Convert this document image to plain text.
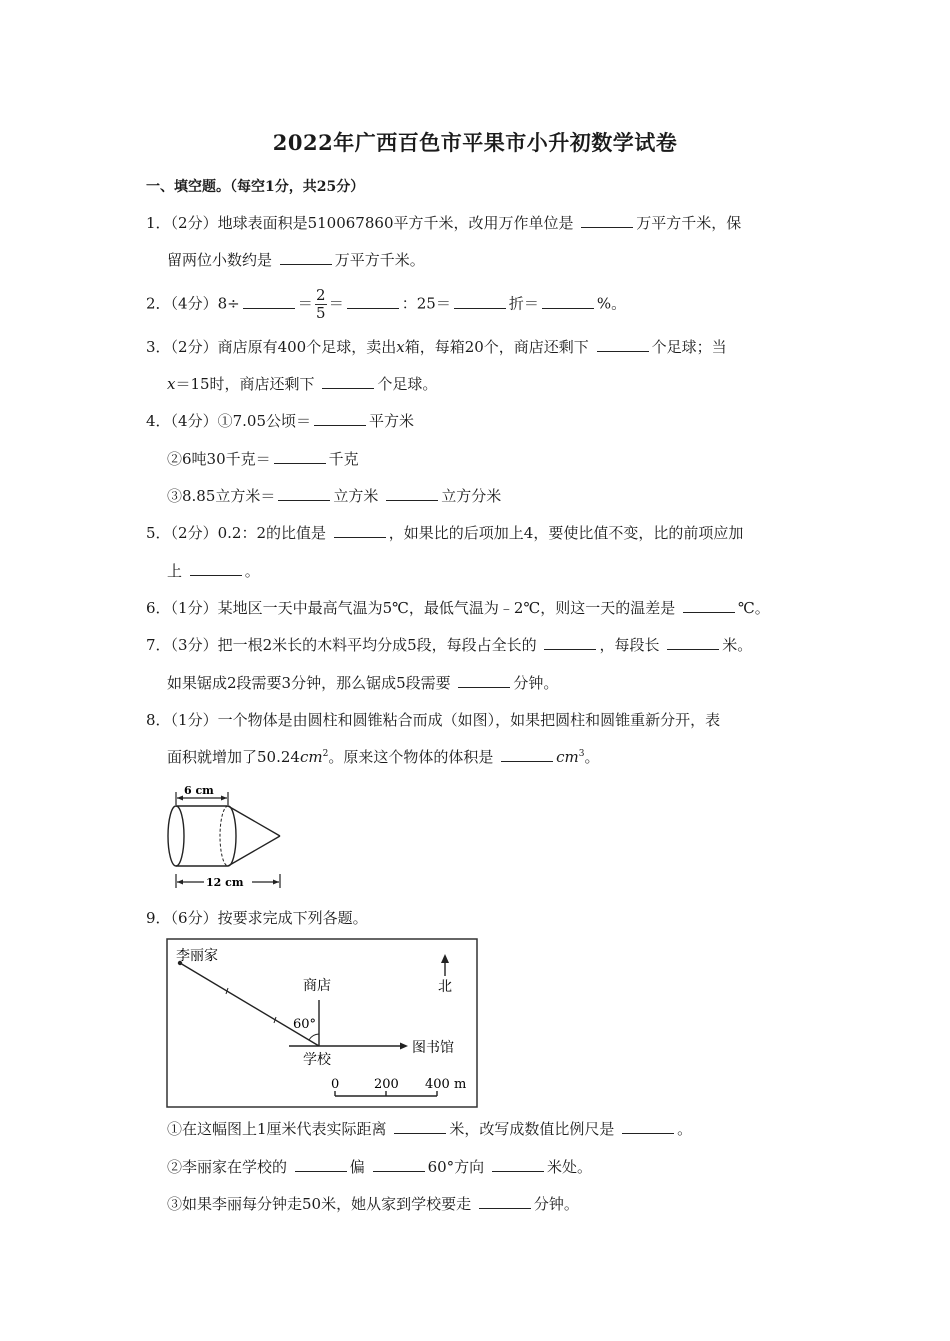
2022年广西百色市平果市小升初数学试卷
一、填空题。（每空1分，共25分）
1．（2分）地球表面积是510067860平方千米，改用万作单位是	万平方千米，保
留两位小数约是	万平方千米。
2．（4分）8÷	＝ $\frac{2}{5}$ ＝	：25＝	折＝	%。
3．（2分）商店原有400个足球，卖出x箱，每箱20个，商店还剩下	个足球；当
x＝15时，商店还剩下	个足球。
4．（4分）①7.05公顷＝	平方米
②6吨30千克＝	千克
③8.85立方米＝	立方米	立方分米
5．（2分）0.2：2的比值是	，如果比的后项加上4，要使比值不变，比的前项应加
上	。
6．（1分）某地区一天中最高气温为5℃，最低气温为﹣2℃，则这一天的温差是	℃。
7．（3分）把一根2米长的木料平均分成5段，每段占全长的	，每段长	米。
如果锯成2段需要3分钟，那么锯成5段需要	分钟。
8．（1分）一个物体是由圆柱和圆锥粘合而成（如图），如果把圆柱和圆锥重新分开，表
面积就增加了$50.24cm^2$。原来这个物体的体积是	$cm^3$。
6 cm
12 cm
9．（6分）按要求完成下列各题。
李丽家
商店
60°
图书馆
学校
北
0	200 400 m
①在这幅图上1厘米代表实际距离	米，改写成数值比例尺是	。
②李丽家在学校的	偏	60°方向	米处。
③如果李丽每分钟走50米，她从家到学校要走	分钟。
